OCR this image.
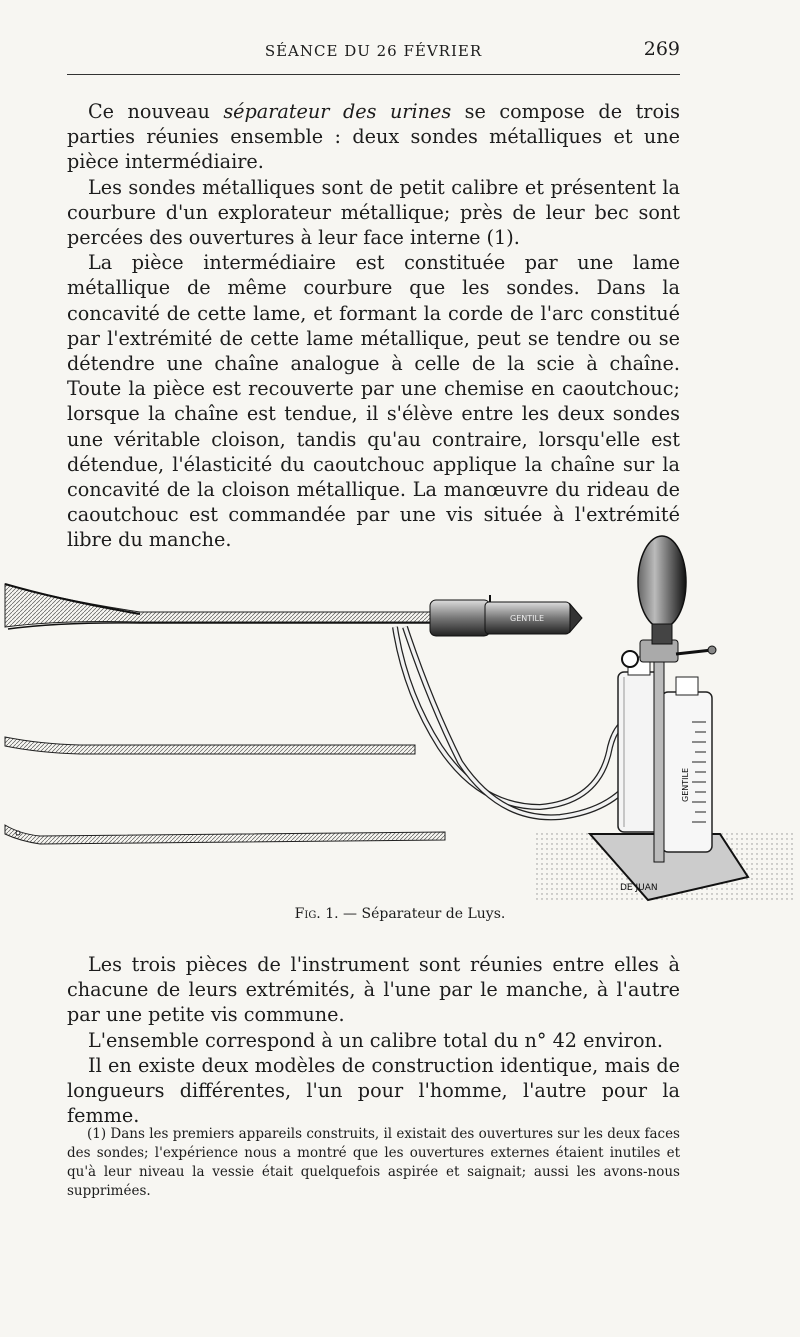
SÉANCE DU 26 FÉVRIER	269

Ce nouveau séparateur des urines se compose de trois parties réunies ensemble : deux sondes métalliques et une pièce intermédiaire.

Les sondes métalliques sont de petit calibre et présentent la courbure d'un explorateur métallique; près de leur bec sont percées des ouvertures à leur face interne (1).

La pièce intermédiaire est constituée par une lame métallique de même courbure que les sondes. Dans la concavité de cette lame, et formant la corde de l'arc constitué par l'extrémité de cette lame métallique, peut se tendre ou se détendre une chaîne analogue à celle de la scie à chaîne. Toute la pièce est recouverte par une chemise en caoutchouc; lorsque la chaîne est tendue, il s'élève entre les deux sondes une véritable cloison, tandis qu'au contraire, lorsqu'elle est détendue, l'élasticité du caoutchouc applique la chaîne sur la concavité de la cloison métallique. La manœuvre du rideau de caoutchouc est commandée par une vis située à l'extrémité libre du manche.

GENTILE
DE JUAN
GENTILE
Fig. 1. — Séparateur de Luys.

Les trois pièces de l'instrument sont réunies entre elles à chacune de leurs extrémités, à l'une par le manche, à l'autre par une petite vis commune.

L'ensemble correspond à un calibre total du n° 42 environ.

Il en existe deux modèles de construction identique, mais de longueurs différentes, l'un pour l'homme, l'autre pour la femme.

(1) Dans les premiers appareils construits, il existait des ouvertures sur les deux faces des sondes; l'expérience nous a montré que les ouvertures externes étaient inutiles et qu'à leur niveau la vessie était quelquefois aspirée et saignait; aussi les avons-nous supprimées.
